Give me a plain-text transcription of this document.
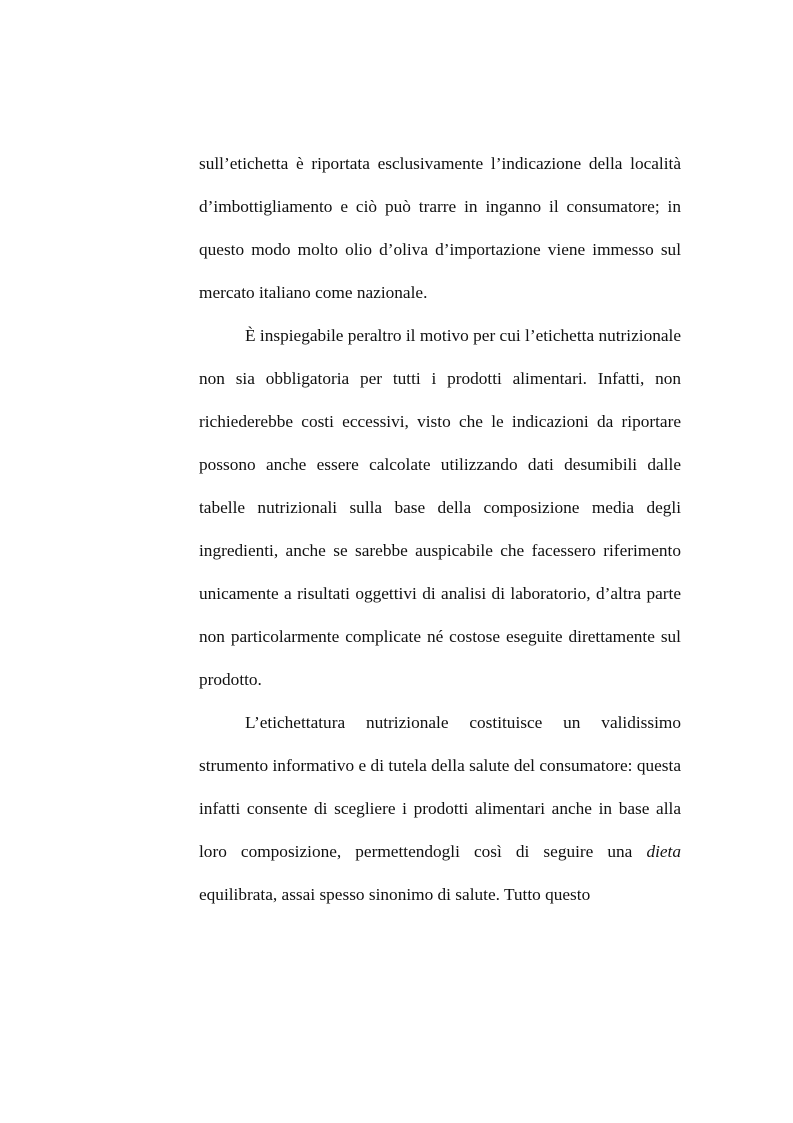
sull’etichetta è riportata esclusivamente l’indicazione della località d’imbottigliamento e ciò può trarre in inganno il consumatore; in questo modo molto olio d’oliva d’importazione viene immesso sul mercato italiano come nazionale.

È inspiegabile peraltro il motivo per cui l’etichetta nutrizionale non sia obbligatoria per tutti i prodotti alimentari. Infatti, non richiederebbe costi eccessivi, visto che le indicazioni da riportare possono anche essere calcolate utilizzando dati desumibili dalle tabelle nutrizionali sulla base della composizione media degli ingredienti, anche se sarebbe auspicabile che facessero riferimento unicamente a risultati oggettivi di analisi di laboratorio, d’altra parte non particolarmente complicate né costose eseguite direttamente sul prodotto.

L’etichettatura nutrizionale costituisce un validissimo strumento informativo e di tutela della salute del consumatore: questa infatti consente di scegliere i prodotti alimentari anche in base alla loro composizione, permettendogli così di seguire una dieta equilibrata, assai spesso sinonimo di salute. Tutto questo
